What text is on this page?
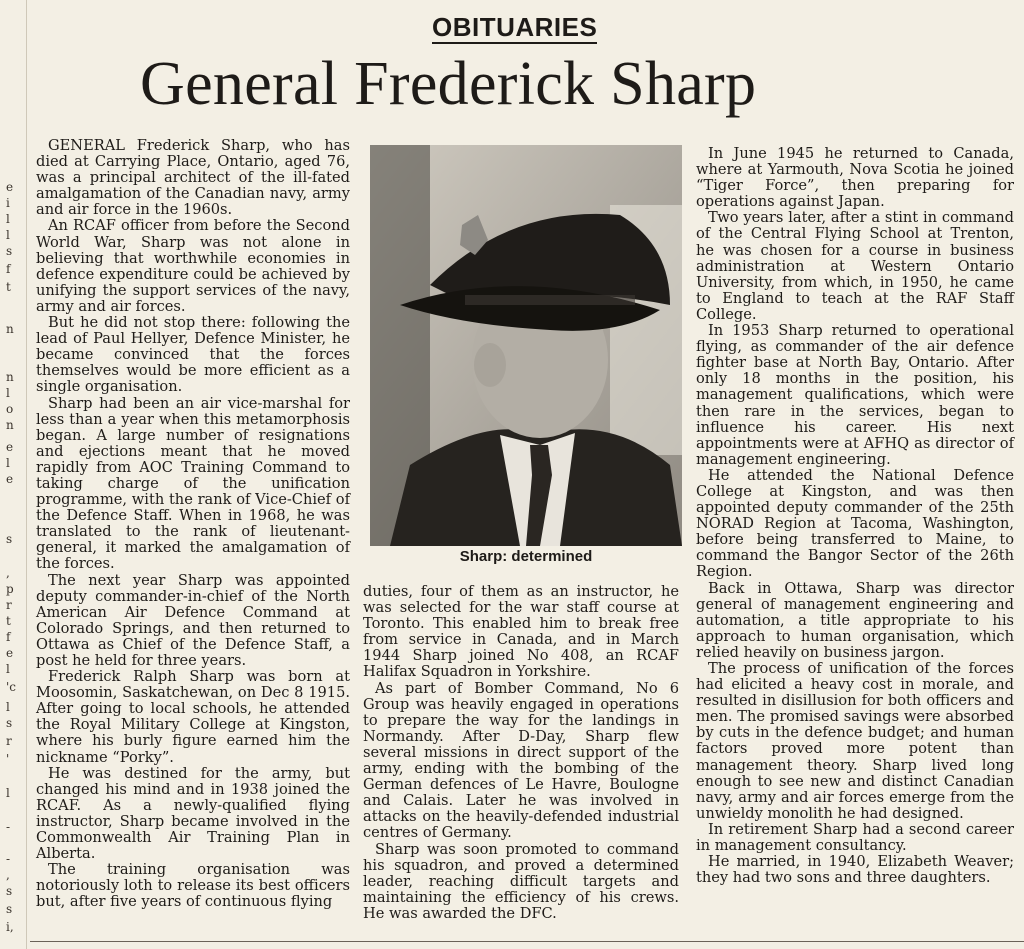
e
i
l
l
s
f
t
n
n
l
o
n
e
l
e
s
,
p
r
t
f
e
l
'c
l
s
r
'
l
-
-
,
s
s
i,
OBITUARIES
General Frederick Sharp

GENERAL Frederick Sharp, who has died at Carrying Place, Ontario, aged 76, was a principal architect of the ill-fated amalgamation of the Canadian navy, army and air force in the 1960s.

An RCAF officer from before the Second World War, Sharp was not alone in believing that worthwhile economies in defence expenditure could be achieved by unifying the support services of the navy, army and air forces.

But he did not stop there: following the lead of Paul Hellyer, Defence Minister, he became convinced that the forces themselves would be more efficient as a single organisation.

Sharp had been an air vice-marshal for less than a year when this metamorphosis began. A large number of resignations and ejections meant that he moved rapidly from AOC Training Command to taking charge of the unification programme, with the rank of Vice-Chief of the Defence Staff. When in 1968, he was translated to the rank of lieutenant-general, it marked the amalgamation of the forces.

The next year Sharp was appointed deputy commander-in-chief of the North American Air Defence Command at Colorado Springs, and then returned to Ottawa as Chief of the Defence Staff, a post he held for three years.

Frederick Ralph Sharp was born at Moosomin, Saskatchewan, on Dec 8 1915. After going to local schools, he attended the Royal Military College at Kingston, where his burly figure earned him the nickname “Porky”.

He was destined for the army, but changed his mind and in 1938 joined the RCAF. As a newly-qualified flying instructor, Sharp became involved in the Commonwealth Air Training Plan in Alberta.

The training organisation was notoriously loth to release its best officers but, after five years of continuous flying

Sharp: determined

duties, four of them as an instructor, he was selected for the war staff course at Toronto. This enabled him to break free from service in Canada, and in March 1944 Sharp joined No 408, an RCAF Halifax Squadron in Yorkshire.

As part of Bomber Command, No 6 Group was heavily engaged in operations to prepare the way for the landings in Normandy. After D-Day, Sharp flew several missions in direct support of the army, ending with the bombing of the German defences of Le Havre, Boulogne and Calais. Later he was involved in attacks on the heavily-defended industrial centres of Germany.

Sharp was soon promoted to command his squadron, and proved a determined leader, reaching difficult targets and maintaining the efficiency of his crews. He was awarded the DFC.

In June 1945 he returned to Canada, where at Yarmouth, Nova Scotia he joined “Tiger Force”, then preparing for operations against Japan.

Two years later, after a stint in command of the Central Flying School at Trenton, he was chosen for a course in business administration at Western Ontario University, from which, in 1950, he came to England to teach at the RAF Staff College.

In 1953 Sharp returned to operational flying, as commander of the air defence fighter base at North Bay, Ontario. After only 18 months in the position, his management qualifications, which were then rare in the services, began to influence his career. His next appointments were at AFHQ as director of management engineering.

He attended the National Defence College at Kingston, and was then appointed deputy commander of the 25th NORAD Region at Tacoma, Washington, before being transferred to Maine, to command the Bangor Sector of the 26th Region.

Back in Ottawa, Sharp was director general of management engineering and automation, a title appropriate to his approach to human organisation, which relied heavily on business jargon.

The process of unification of the forces had elicited a heavy cost in morale, and resulted in disillusion for both officers and men. The promised savings were absorbed by cuts in the defence budget; and human factors proved more potent than management theory. Sharp lived long enough to see new and distinct Canadian navy, army and air forces emerge from the unwieldy monolith he had designed.

In retirement Sharp had a second career in management consultancy.

He married, in 1940, Elizabeth Weaver; they had two sons and three daughters.
